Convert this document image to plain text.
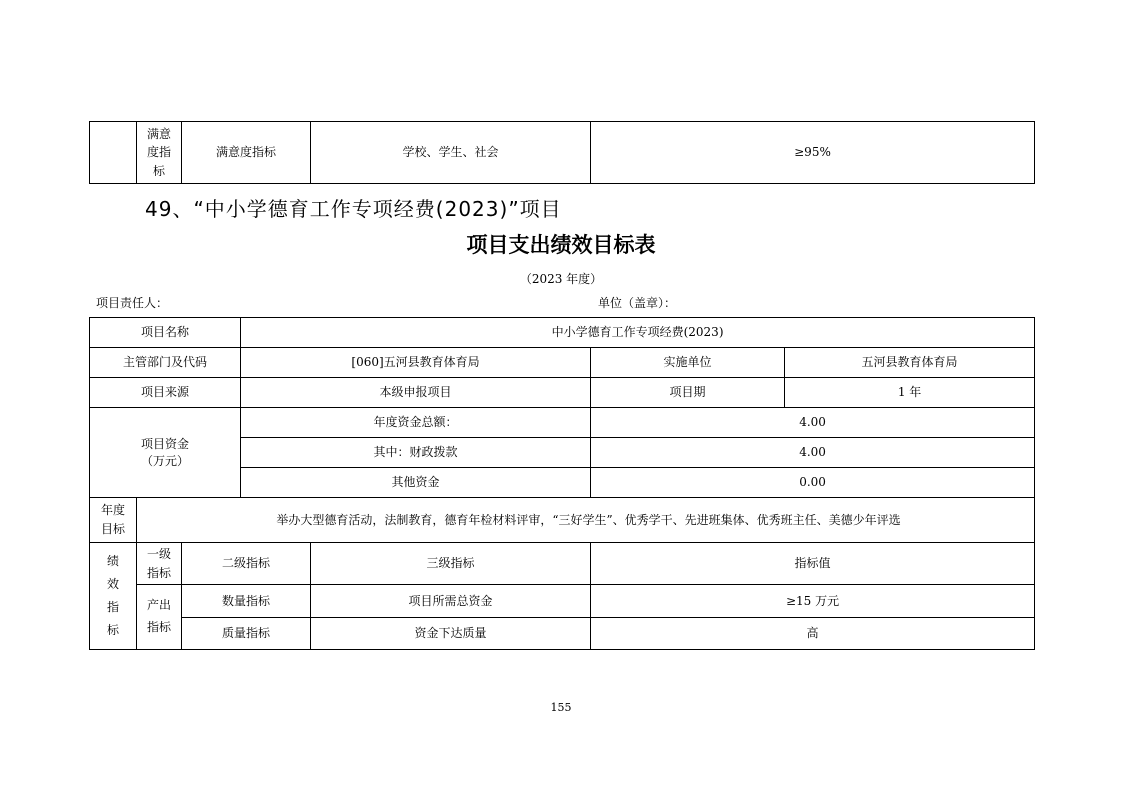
	满意度指标	满意度指标	学校、学生、社会	≥95%
49、“中小学德育工作专项经费(2023)”项目
项目支出绩效目标表
（2023 年度）
项目责任人：	单位（盖章）：
项目名称			中小学德育工作专项经费(2023)			
主管部门及代码			[060]五河县教育体育局		实施单位	五河县教育体育局
项目来源			本级申报项目		项目期	1 年

项目资金
（万元）			年度资金总额：		4.00	
			其中：财政拨款		4.00	
			其他资金		0.00	
年度目标	举办大型德育活动，法制教育，德育年检材料评审，“三好学生”、优秀学干、先进班集体、优秀班主任、美德少年评选					
绩效指标	一级指标	二级指标		三级指标	指标值	
	产出指标	数量指标		项目所需总资金	≥15 万元	
		质量指标		资金下达质量	高	
155
